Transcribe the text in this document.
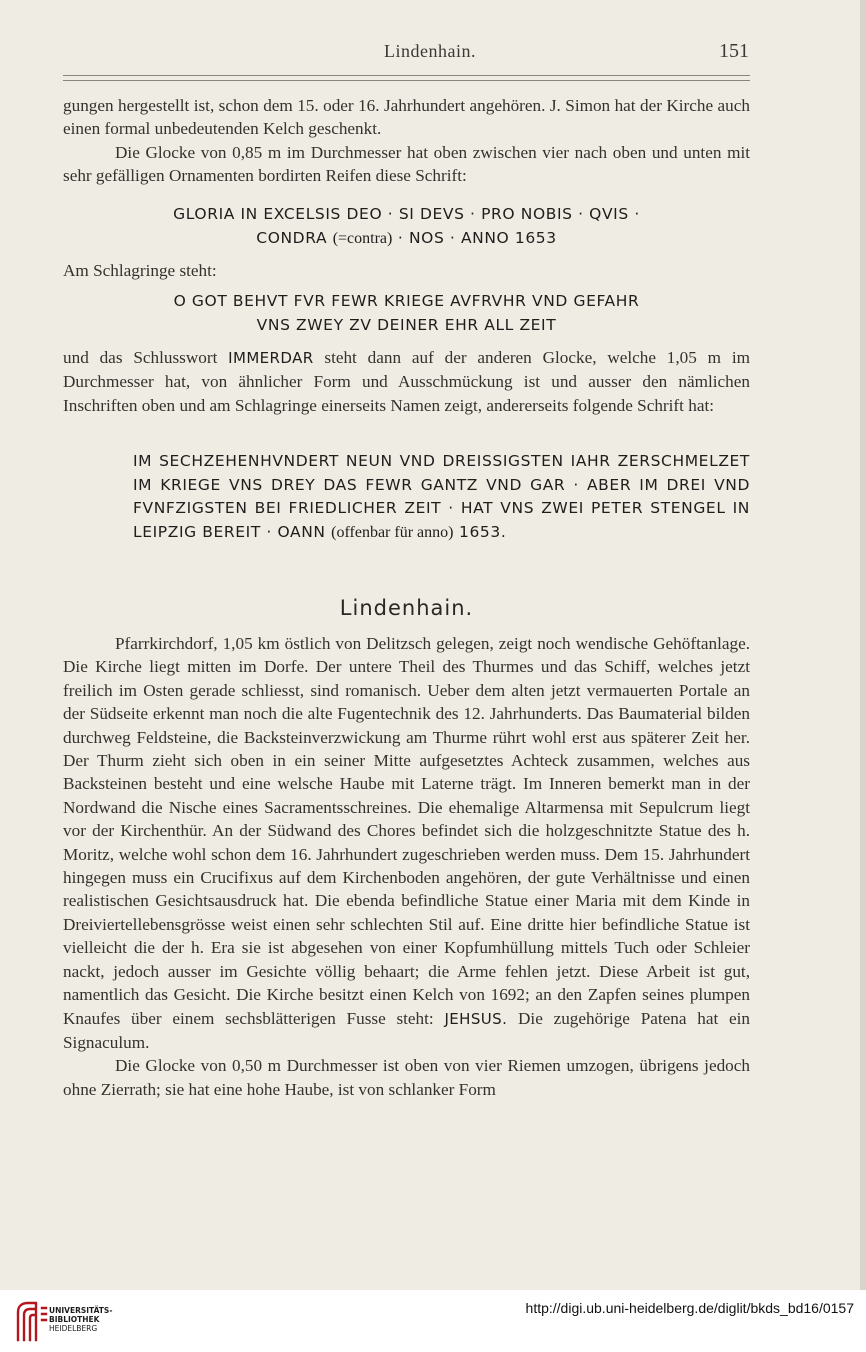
Lindenhain.	151

gungen hergestellt ist, schon dem 15. oder 16. Jahrhundert angehören. J. Simon hat der Kirche auch einen formal unbedeutenden Kelch geschenkt.

Die Glocke von 0,85 m im Durchmesser hat oben zwischen vier nach oben und unten mit sehr gefälligen Ornamenten bordirten Reifen diese Schrift:

GLORIA IN EXCELSIS DEO · SI DEVS · PRO NOBIS · QVIS ·

CONDRA (=contra) · NOS · ANNO 1653

Am Schlagringe steht:

O GOT BEHVT FVR FEWR KRIEGE AVFRVHR VND GEFAHR

VNS ZWEY ZV DEINER EHR ALL ZEIT

und das Schlusswort IMMERDAR steht dann auf der anderen Glocke, welche 1,05 m im Durchmesser hat, von ähnlicher Form und Ausschmückung ist und ausser den nämlichen Inschriften oben und am Schlagringe einerseits Namen zeigt, andererseits folgende Schrift hat:

IM SECHZEHENHVNDERT NEUN VND DREISSIGSTEN IAHR ZERSCHMELZET IM KRIEGE VNS DREY DAS FEWR GANTZ VND GAR · ABER IM DREI VND FVNFZIGSTEN BEI FRIEDLICHER ZEIT · HAT VNS ZWEI PETER STENGEL IN LEIPZIG BEREIT · OANN (offenbar für anno) 1653.

Lindenhain.

Pfarrkirchdorf, 1,05 km östlich von Delitzsch gelegen, zeigt noch wendische Gehöftanlage. Die Kirche liegt mitten im Dorfe. Der untere Theil des Thurmes und das Schiff, welches jetzt freilich im Osten gerade schliesst, sind romanisch. Ueber dem alten jetzt vermauerten Portale an der Südseite erkennt man noch die alte Fugentechnik des 12. Jahrhunderts. Das Baumaterial bilden durchweg Feldsteine, die Backsteinverzwickung am Thurme rührt wohl erst aus späterer Zeit her. Der Thurm zieht sich oben in ein seiner Mitte aufgesetztes Achteck zusammen, welches aus Backsteinen besteht und eine welsche Haube mit Laterne trägt. Im Inneren bemerkt man in der Nordwand die Nische eines Sacramentsschreines. Die ehemalige Altarmensa mit Sepulcrum liegt vor der Kirchenthür. An der Südwand des Chores befindet sich die holzgeschnitzte Statue des h. Moritz, welche wohl schon dem 16. Jahrhundert zugeschrieben werden muss. Dem 15. Jahrhundert hingegen muss ein Crucifixus auf dem Kirchenboden angehören, der gute Verhältnisse und einen realistischen Gesichtsausdruck hat. Die ebenda befindliche Statue einer Maria mit dem Kinde in Dreiviertellebensgrösse weist einen sehr schlechten Stil auf. Eine dritte hier befindliche Statue ist vielleicht die der h. Era sie ist abgesehen von einer Kopfumhüllung mittels Tuch oder Schleier nackt, jedoch ausser im Gesichte völlig behaart; die Arme fehlen jetzt. Diese Arbeit ist gut, namentlich das Gesicht. Die Kirche besitzt einen Kelch von 1692; an den Zapfen seines plumpen Knaufes über einem sechsblätterigen Fusse steht: JEHSUS. Die zugehörige Patena hat ein Signaculum.

Die Glocke von 0,50 m Durchmesser ist oben von vier Riemen umzogen, übrigens jedoch ohne Zierrath; sie hat eine hohe Haube, ist von schlanker Form

UNIVERSITÄTS-
BIBLIOTHEK
HEIDELBERG
http://digi.ub.uni-heidelberg.de/diglit/bkds_bd16/0157
